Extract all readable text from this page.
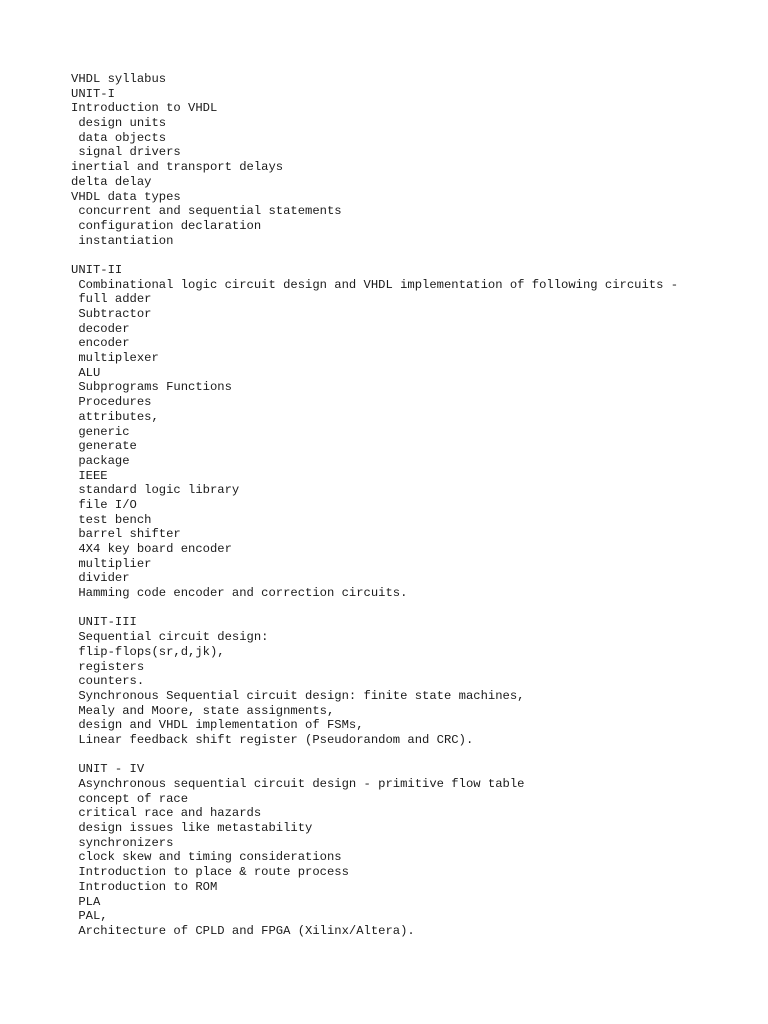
VHDL syllabus
UNIT-I
Introduction to VHDL
design units
data objects
signal drivers
inertial and transport delays
delta delay
VHDL data types
concurrent and sequential statements
configuration declaration
instantiation
UNIT-II
Combinational logic circuit design and VHDL implementation of following circuits -
full adder
Subtractor
decoder
encoder
multiplexer
ALU
Subprograms Functions
Procedures
attributes,
generic
generate
package
IEEE
standard logic library
file I/O
test bench
barrel shifter
4X4 key board encoder
multiplier
divider
Hamming code encoder and correction circuits.
UNIT-III
Sequential circuit design:
flip-flops(sr,d,jk),
registers
counters.
Synchronous Sequential circuit design: finite state machines,
Mealy and Moore, state assignments,
design and VHDL implementation of FSMs,
Linear feedback shift register (Pseudorandom and CRC).
UNIT - IV
Asynchronous sequential circuit design - primitive flow table
concept of race
critical race and hazards
design issues like metastability
synchronizers
clock skew and timing considerations
Introduction to place & route process
Introduction to ROM
PLA
PAL,
Architecture of CPLD and FPGA (Xilinx/Altera).
